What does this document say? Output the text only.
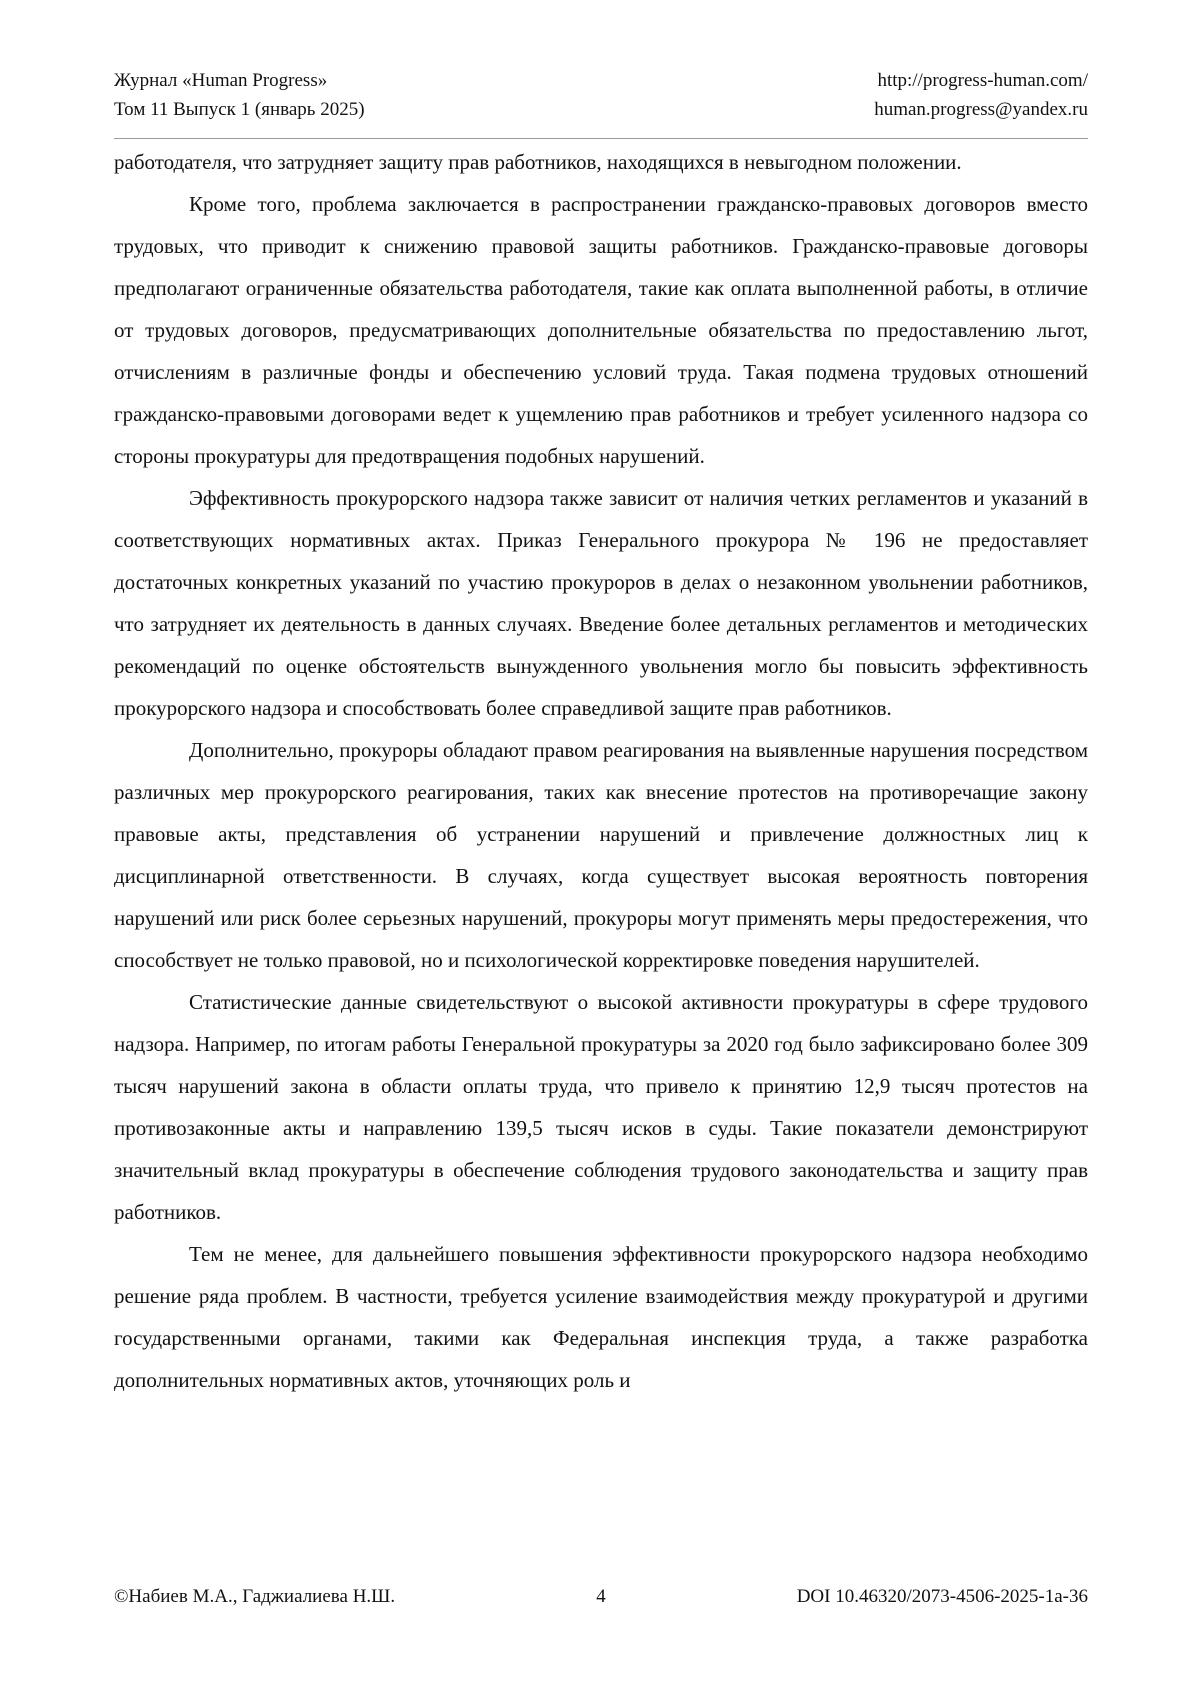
Журнал «Human Progress»
Том 11 Выпуск 1 (январь 2025)
http://progress-human.com/
human.progress@yandex.ru

работодателя, что затрудняет защиту прав работников, находящихся в невыгодном положении.

Кроме того, проблема заключается в распространении гражданско-правовых договоров вместо трудовых, что приводит к снижению правовой защиты работников. Гражданско-правовые договоры предполагают ограниченные обязательства работодателя, такие как оплата выполненной работы, в отличие от трудовых договоров, предусматривающих дополнительные обязательства по предоставлению льгот, отчислениям в различные фонды и обеспечению условий труда. Такая подмена трудовых отношений гражданско-правовыми договорами ведет к ущемлению прав работников и требует усиленного надзора со стороны прокуратуры для предотвращения подобных нарушений.

Эффективность прокурорского надзора также зависит от наличия четких регламентов и указаний в соответствующих нормативных актах. Приказ Генерального прокурора № 196 не предоставляет достаточных конкретных указаний по участию прокуроров в делах о незаконном увольнении работников, что затрудняет их деятельность в данных случаях. Введение более детальных регламентов и методических рекомендаций по оценке обстоятельств вынужденного увольнения могло бы повысить эффективность прокурорского надзора и способствовать более справедливой защите прав работников.

Дополнительно, прокуроры обладают правом реагирования на выявленные нарушения посредством различных мер прокурорского реагирования, таких как внесение протестов на противоречащие закону правовые акты, представления об устранении нарушений и привлечение должностных лиц к дисциплинарной ответственности. В случаях, когда существует высокая вероятность повторения нарушений или риск более серьезных нарушений, прокуроры могут применять меры предостережения, что способствует не только правовой, но и психологической корректировке поведения нарушителей.

Статистические данные свидетельствуют о высокой активности прокуратуры в сфере трудового надзора. Например, по итогам работы Генеральной прокуратуры за 2020 год было зафиксировано более 309 тысяч нарушений закона в области оплаты труда, что привело к принятию 12,9 тысяч протестов на противозаконные акты и направлению 139,5 тысяч исков в суды. Такие показатели демонстрируют значительный вклад прокуратуры в обеспечение соблюдения трудового законодательства и защиту прав работников.

Тем не менее, для дальнейшего повышения эффективности прокурорского надзора необходимо решение ряда проблем. В частности, требуется усиление взаимодействия между прокуратурой и другими государственными органами, такими как Федеральная инспекция труда, а также разработка дополнительных нормативных актов, уточняющих роль и

©Набиев М.А., Гаджиалиева Н.Ш.	4	DOI 10.46320/2073-4506-2025-1a-36
